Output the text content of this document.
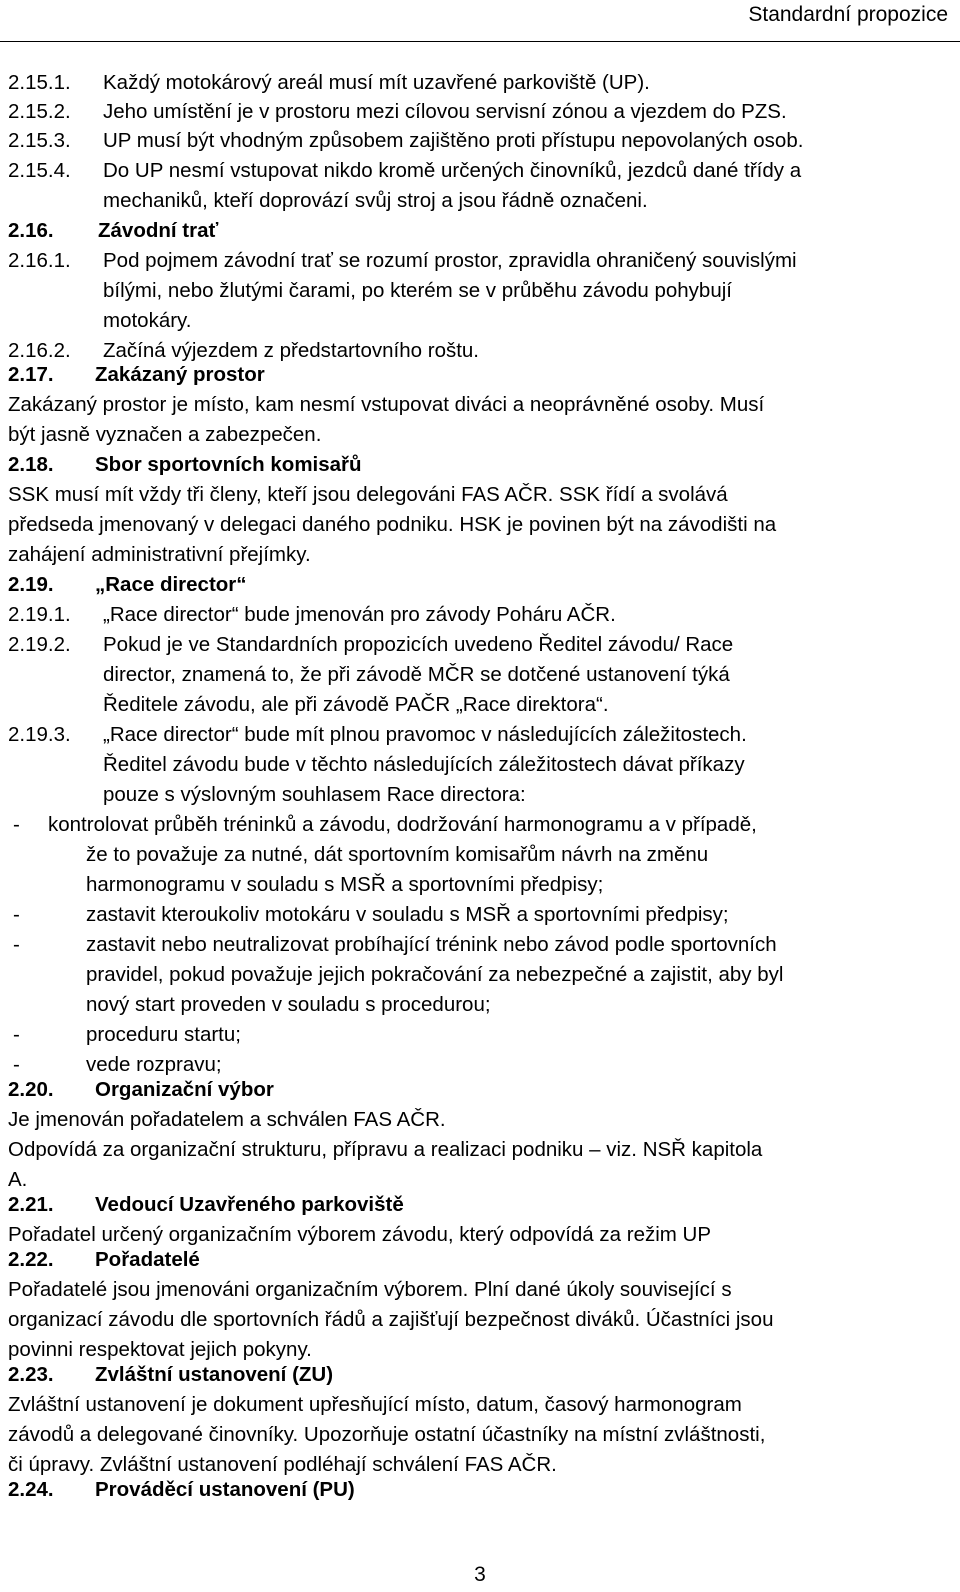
Standardní propozice
2.15.1. Každý motokárový areál musí mít uzavřené parkoviště (UP).
2.15.2. Jeho umístění je v prostoru mezi cílovou servisní zónou a vjezdem do PZS.
2.15.3. UP musí být vhodným způsobem zajištěno proti přístupu nepovolaných osob.
2.15.4. Do UP nesmí vstupovat nikdo kromě určených činovníků, jezdců dané třídy a
mechaniků, kteří doprovází svůj stroj a jsou řádně označeni.
2.16. Závodní trať
2.16.1. Pod pojmem závodní trať se rozumí prostor, zpravidla ohraničený souvislými
bílými, nebo žlutými čarami, po kterém se v průběhu závodu pohybují
motokáry.
2.16.2. Začíná výjezdem z předstartovního roštu.
2.17. Zakázaný prostor
Zakázaný prostor je místo, kam nesmí vstupovat diváci a neoprávněné osoby. Musí
být jasně vyznačen a zabezpečen.
2.18. Sbor sportovních komisařů
SSK musí mít vždy tři členy, kteří jsou delegováni FAS AČR. SSK řídí a svolává
předseda jmenovaný v delegaci daného podniku. HSK je povinen být na závodišti na
zahájení administrativní přejímky.
2.19. „Race director“
2.19.1. „Race director“ bude jmenován pro závody Poháru AČR.
2.19.2. Pokud je ve Standardních propozicích uvedeno Ředitel závodu/ Race
director, znamená to, že při závodě MČR se dotčené ustanovení týká
Ředitele závodu, ale při závodě PAČR „Race direktora“.
2.19.3. „Race director“ bude mít plnou pravomoc v následujících záležitostech.
Ředitel závodu bude v těchto následujících záležitostech dávat příkazy
pouze s výslovným souhlasem Race directora:
- kontrolovat průběh tréninků a závodu, dodržování harmonogramu a v případě,
že to považuje za nutné, dát sportovním komisařům návrh na změnu
harmonogramu v souladu s MSŘ a sportovními předpisy;
-	zastavit kteroukoliv motokáru v souladu s MSŘ a sportovními předpisy;
-	zastavit nebo neutralizovat probíhající trénink nebo závod podle sportovních
pravidel, pokud považuje jejich pokračování za nebezpečné a zajistit, aby byl
nový start proveden v souladu s procedurou;
-	proceduru startu;
-	vede rozpravu;
2.20. Organizační výbor
Je jmenován pořadatelem a schválen FAS AČR.
Odpovídá za organizační strukturu, přípravu a realizaci podniku – viz. NSŘ kapitola
A.
2.21. Vedoucí Uzavřeného parkoviště
Pořadatel určený organizačním výborem závodu, který odpovídá za režim UP
2.22. Pořadatelé
Pořadatelé jsou jmenováni organizačním výborem. Plní dané úkoly související s
organizací závodu dle sportovních řádů a zajišťují bezpečnost diváků. Účastníci jsou
povinni respektovat jejich pokyny.
2.23. Zvláštní ustanovení (ZU)
Zvláštní ustanovení je dokument upřesňující místo, datum, časový harmonogram
závodů a delegované činovníky. Upozorňuje ostatní účastníky na místní zvláštnosti,
či úpravy. Zvláštní ustanovení podléhají schválení FAS AČR.
2.24. Prováděcí ustanovení (PU)
3
